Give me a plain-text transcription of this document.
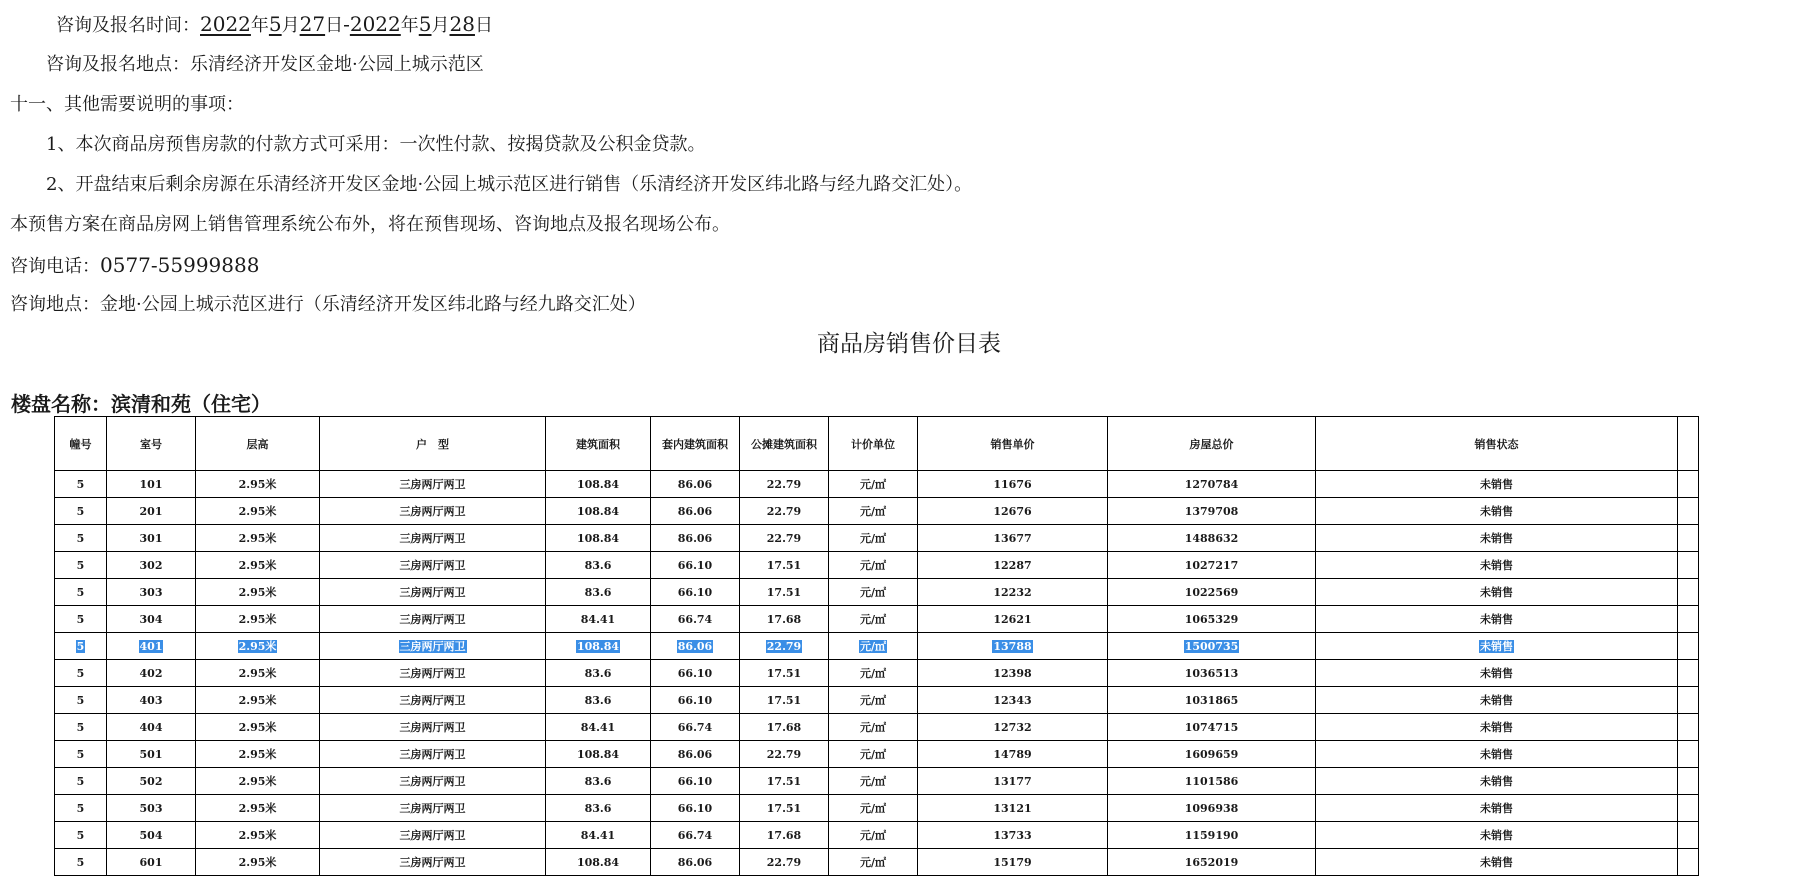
咨询及报名时间：2022年5月27日-2022年5月28日
咨询及报名地点：乐清经济开发区金地·公园上城示范区
十一、其他需要说明的事项：
1、本次商品房预售房款的付款方式可采用：一次性付款、按揭贷款及公积金贷款。
2、开盘结束后剩余房源在乐清经济开发区金地·公园上城示范区进行销售（乐清经济开发区纬北路与经九路交汇处）。
本预售方案在商品房网上销售管理系统公布外，将在预售现场、咨询地点及报名现场公布。
咨询电话：0577-55999888
咨询地点：金地·公园上城示范区进行（乐清经济开发区纬北路与经九路交汇处）
商品房销售价目表
楼盘名称：滨清和苑（住宅）
幢号	室号	层高	户　型	建筑面积	套内建筑面积	公摊建筑面积	计价单位	销售单价	房屋总价	销售状态	
5	101	2.95米	三房两厅两卫	108.84	86.06	22.79	元/㎡	11676	1270784	未销售	
5	201	2.95米	三房两厅两卫	108.84	86.06	22.79	元/㎡	12676	1379708	未销售	
5	301	2.95米	三房两厅两卫	108.84	86.06	22.79	元/㎡	13677	1488632	未销售	
5	302	2.95米	三房两厅两卫	83.6	66.10	17.51	元/㎡	12287	1027217	未销售	
5	303	2.95米	三房两厅两卫	83.6	66.10	17.51	元/㎡	12232	1022569	未销售	
5	304	2.95米	三房两厅两卫	84.41	66.74	17.68	元/㎡	12621	1065329	未销售	
5	401	2.95米	三房两厅两卫	108.84	86.06	22.79	元/㎡	13788	1500735	未销售	
5	402	2.95米	三房两厅两卫	83.6	66.10	17.51	元/㎡	12398	1036513	未销售	
5	403	2.95米	三房两厅两卫	83.6	66.10	17.51	元/㎡	12343	1031865	未销售	
5	404	2.95米	三房两厅两卫	84.41	66.74	17.68	元/㎡	12732	1074715	未销售	
5	501	2.95米	三房两厅两卫	108.84	86.06	22.79	元/㎡	14789	1609659	未销售	
5	502	2.95米	三房两厅两卫	83.6	66.10	17.51	元/㎡	13177	1101586	未销售	
5	503	2.95米	三房两厅两卫	83.6	66.10	17.51	元/㎡	13121	1096938	未销售	
5	504	2.95米	三房两厅两卫	84.41	66.74	17.68	元/㎡	13733	1159190	未销售	
5	601	2.95米	三房两厅两卫	108.84	86.06	22.79	元/㎡	15179	1652019	未销售	
